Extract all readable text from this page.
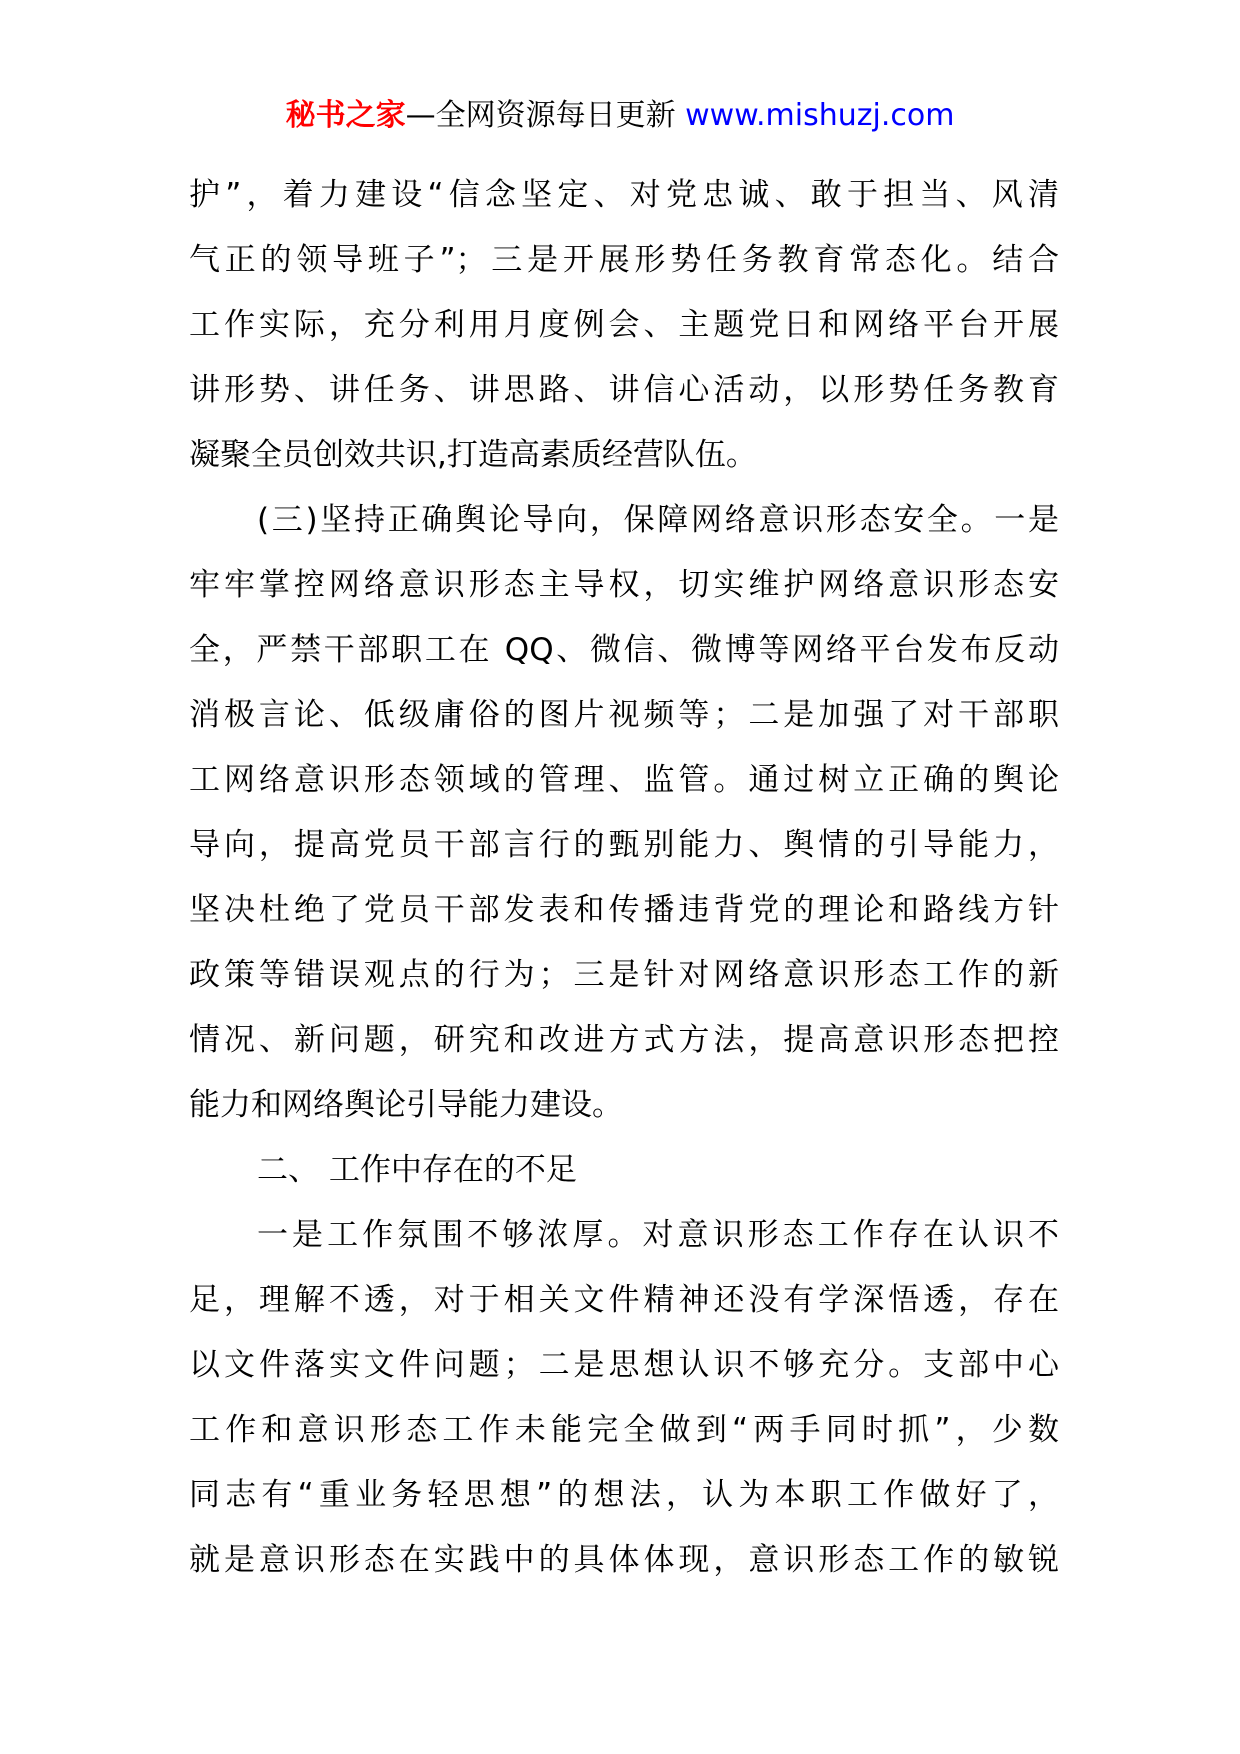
秘书之家—全网资源每日更新 www.mishuzj.com
护”，着力建设“信念坚定、对党忠诚、敢于担当、风清
气正的领导班子”；三是开展形势任务教育常态化。结合
工作实际，充分利用月度例会、主题党日和网络平台开展
讲形势、讲任务、讲思路、讲信心活动，以形势任务教育
凝聚全员创效共识,打造高素质经营队伍。
(三)坚持正确舆论导向，保障网络意识形态安全。一是
牢牢掌控网络意识形态主导权，切实维护网络意识形态安
全，严禁干部职工在 QQ、微信、微博等网络平台发布反动
消极言论、低级庸俗的图片视频等；二是加强了对干部职
工网络意识形态领域的管理、监管。通过树立正确的舆论
导向，提高党员干部言行的甄别能力、舆情的引导能力，
坚决杜绝了党员干部发表和传播违背党的理论和路线方针
政策等错误观点的行为；三是针对网络意识形态工作的新
情况、新问题，研究和改进方式方法，提高意识形态把控
能力和网络舆论引导能力建设。
二、 工作中存在的不足
一是工作氛围不够浓厚。对意识形态工作存在认识不
足，理解不透，对于相关文件精神还没有学深悟透，存在
以文件落实文件问题；二是思想认识不够充分。支部中心
工作和意识形态工作未能完全做到“两手同时抓”，少数
同志有“重业务轻思想”的想法，认为本职工作做好了，
就是意识形态在实践中的具体体现，意识形态工作的敏锐
